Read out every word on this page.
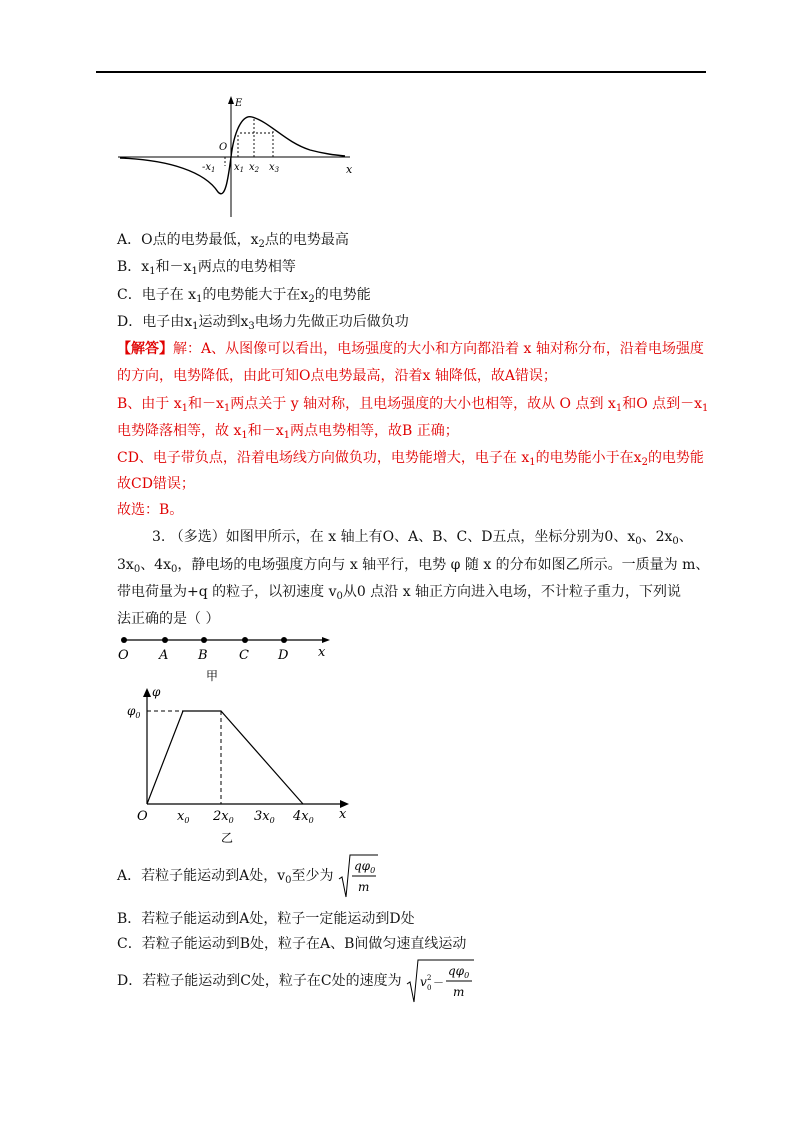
E
x
O
$-x_1$ $x_1$ $x_2$ $x_3$
A．O点的电势最低，$x_2$点的电势最高
B．$x_1$和$-x_1$两点的电势相等
C．电子在 $x_1$的电势能大于在$x_2$的电势能
D．电子由$x_1$运动到$x_3$电场力先做正功后做负功
【解答】解：A、从图像可以看出，电场强度的大小和方向都沿着 x 轴对称分布，沿着电场强度
的方向，电势降低，由此可知O点电势最高，沿着x 轴降低，故A错误；
B、由于 $x_1$和$-x_1$两点关于 y 轴对称，且电场强度的大小也相等，故从 O 点到 $x_1$和O 点到$-x_1$
电势降落相等，故 $x_1$和$-x_1$两点电势相等，故B 正确；
CD、电子带负点，沿着电场线方向做负功，电势能增大，电子在 $x_1$的电势能小于在$x_2$的电势能
故CD错误；
故选：B。
3. （多选）如图甲所示，在 x 轴上有O、A、B、C、D五点，坐标分别为0、$x_0$、$2x_0$、
$3x_0$、$4x_0$，静电场的电场强度方向与 x 轴平行，电势 φ 随 x 的分布如图乙所示。一质量为 m、
带电荷量为+q 的粒子，以初速度 $v_0$从0 点沿 x 轴正方向进入电场，不计粒子重力，下列说
法正确的是（ ）
O A B C D x
甲
φ
$\varphi_0$
O $x_0$ $2x_0$ $3x_0$ $4x_0$ x
乙
A．若粒子能运动到A处，$v_0$至少为
$q\varphi_0$
m
B．若粒子能运动到A处，粒子一定能运动到D处
C．若粒子能运动到B处，粒子在A、B间做匀速直线运动
D．若粒子能运动到C处，粒子在C处的速度为 v 2
0 －
$q\varphi_0$
m
